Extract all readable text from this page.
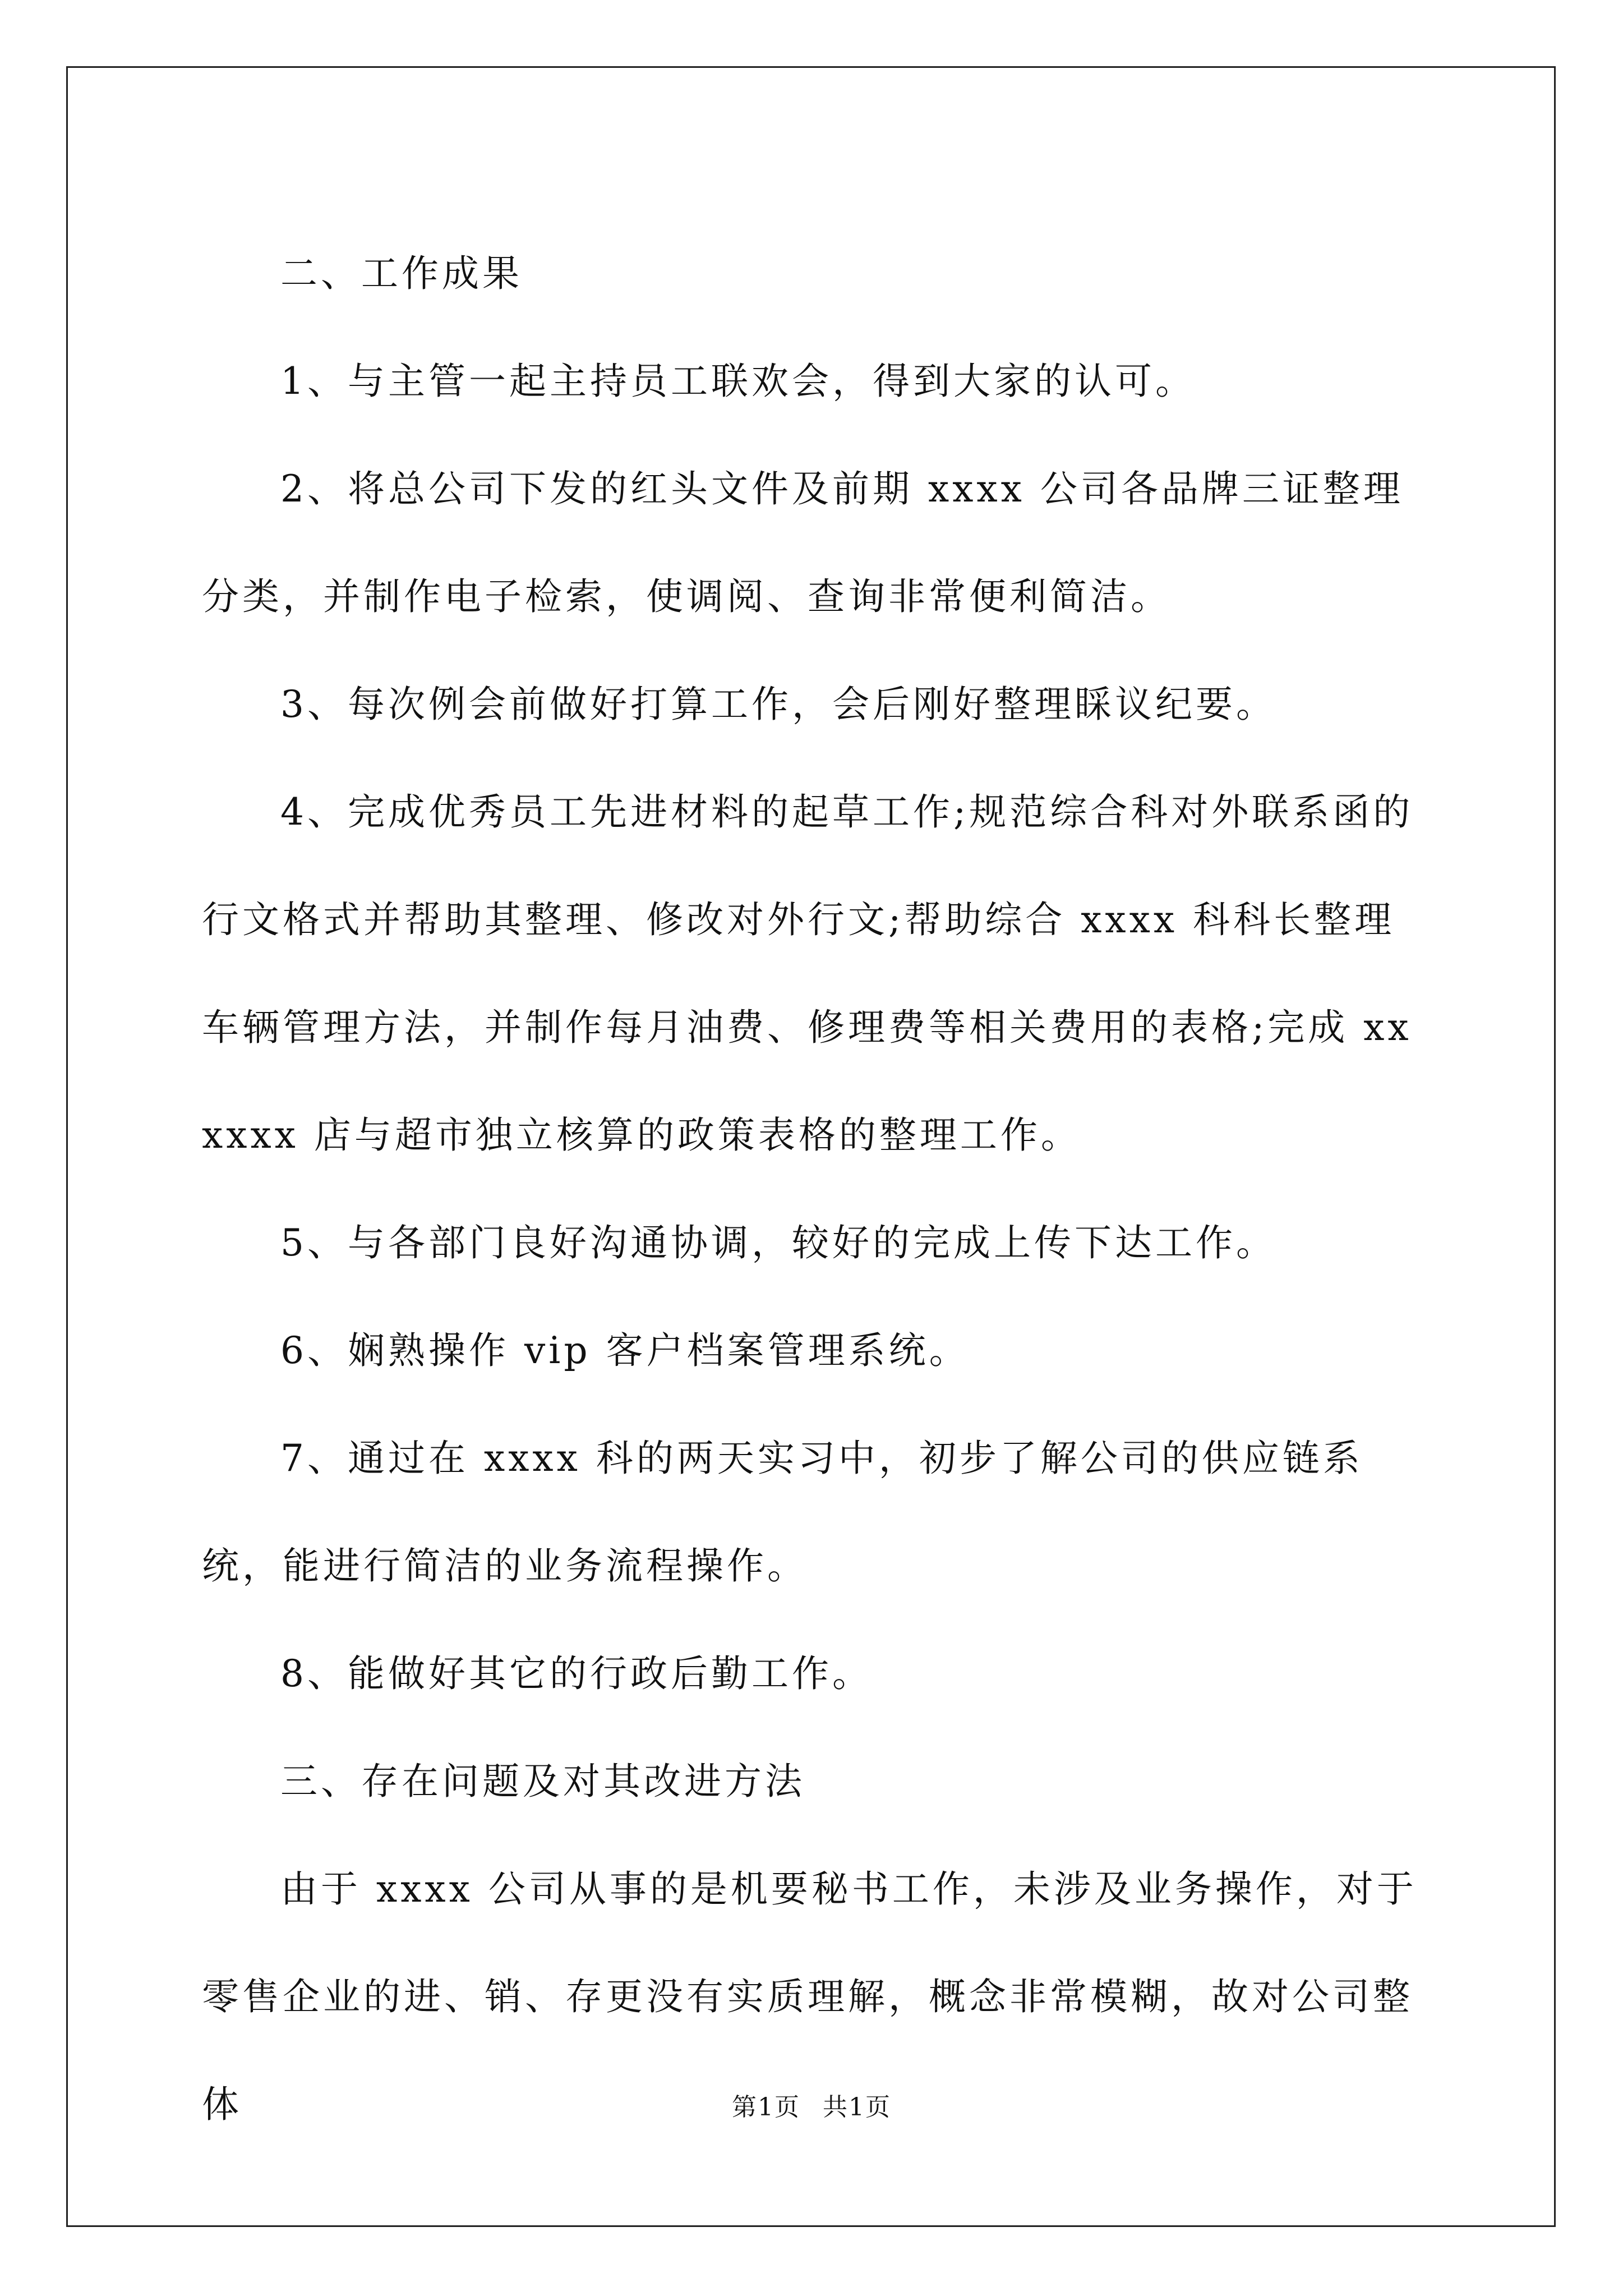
二、工作成果

1、与主管一起主持员工联欢会，得到大家的认可。

2、将总公司下发的红头文件及前期 xxxx 公司各品牌三证整理分类，并制作电子检索，使调阅、查询非常便利简洁。

3、每次例会前做好打算工作，会后刚好整理睬议纪要。

4、完成优秀员工先进材料的起草工作;规范综合科对外联系函的行文格式并帮助其整理、修改对外行文;帮助综合 xxxx 科科长整理车辆管理方法，并制作每月油费、修理费等相关费用的表格;完成 xxxxxx 店与超市独立核算的政策表格的整理工作。

5、与各部门良好沟通协调，较好的完成上传下达工作。

6、娴熟操作 vip 客户档案管理系统。

7、通过在 xxxx 科的两天实习中，初步了解公司的供应链系统，能进行简洁的业务流程操作。

8、能做好其它的行政后勤工作。

三、存在问题及对其改进方法

由于 xxxx 公司从事的是机要秘书工作，未涉及业务操作，对于零售企业的进、销、存更没有实质理解，概念非常模糊，故对公司整体	第1页 共1页
